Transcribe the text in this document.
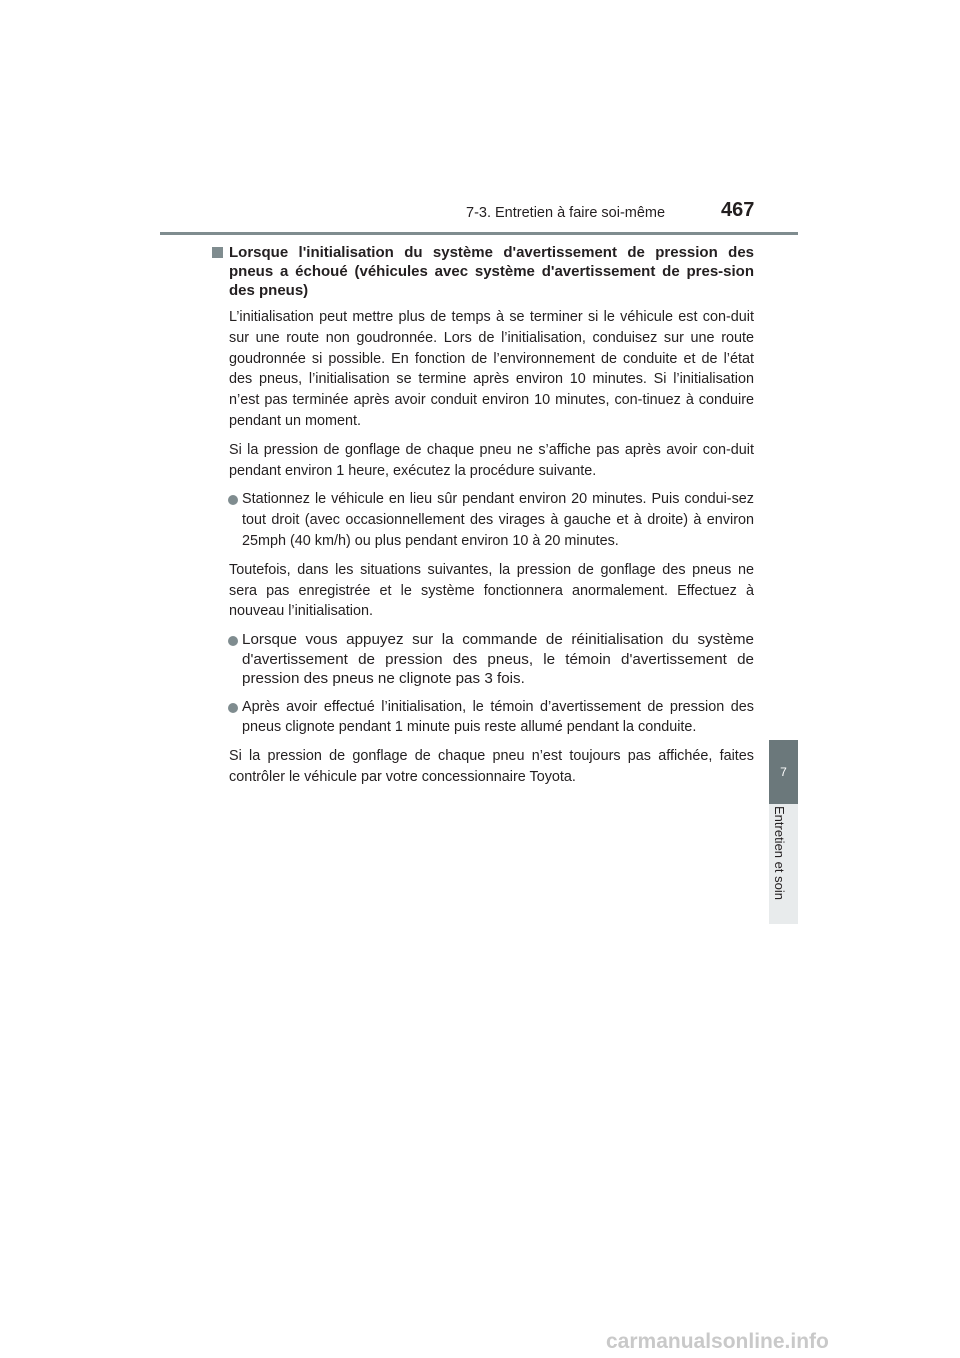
7-3. Entretien à faire soi-même	467
7
Entretien et soin
Lorsque l'initialisation du système d'avertissement de pression des pneus a échoué (véhicules avec système d'avertissement de pres-sion des pneus)

L’initialisation peut mettre plus de temps à se terminer si le véhicule est con-duit sur une route non goudronnée. Lors de l’initialisation, conduisez sur une route goudronnée si possible. En fonction de l’environnement de conduite et de l’état des pneus, l’initialisation se termine après environ 10 minutes. Si l’initialisation n’est pas terminée après avoir conduit environ 10 minutes, con-tinuez à conduire pendant un moment.

Si la pression de gonflage de chaque pneu ne s’affiche pas après avoir con-duit pendant environ 1 heure, exécutez la procédure suivante.

Stationnez le véhicule en lieu sûr pendant environ 20 minutes. Puis condui-sez tout droit (avec occasionnellement des virages à gauche et à droite) à environ 25mph (40 km/h) ou plus pendant environ 10 à 20 minutes.

Toutefois, dans les situations suivantes, la pression de gonflage des pneus ne sera pas enregistrée et le système fonctionnera anormalement. Effectuez à nouveau l’initialisation.

Lorsque vous appuyez sur la commande de réinitialisation du système d'avertissement de pression des pneus, le témoin d'avertissement de pression des pneus ne clignote pas 3 fois.
Après avoir effectué l’initialisation, le témoin d’avertissement de pression des pneus clignote pendant 1 minute puis reste allumé pendant la conduite.

Si la pression de gonflage de chaque pneu n’est toujours pas affichée, faites contrôler le véhicule par votre concessionnaire Toyota.

carmanualsonline.info
